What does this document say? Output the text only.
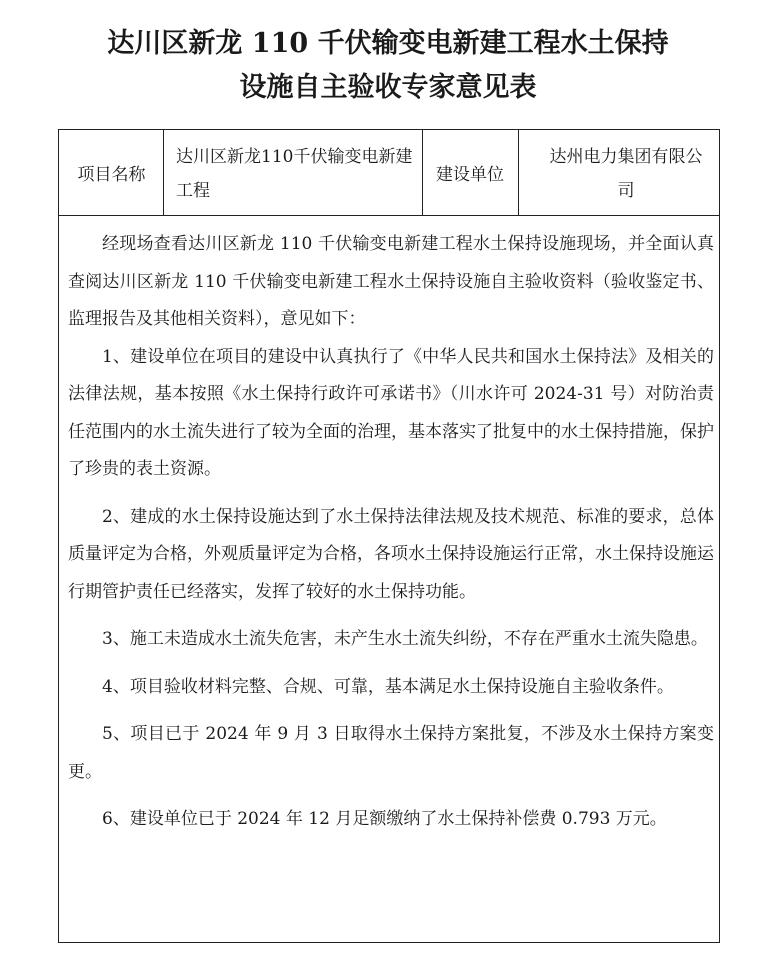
达川区新龙 110 千伏输变电新建工程水土保持
设施自主验收专家意见表
项目名称
达川区新龙110千伏输变电新建工程
建设单位
达州电力集团有限公
司

经现场查看达川区新龙 110 千伏输变电新建工程水土保持设施现场，并全面认真查阅达川区新龙 110 千伏输变电新建工程水土保持设施自主验收资料（验收鉴定书、监理报告及其他相关资料），意见如下：

1、建设单位在项目的建设中认真执行了《中华人民共和国水土保持法》及相关的法律法规，基本按照《水土保持行政许可承诺书》（川水许可 2024-31 号）对防治责任范围内的水土流失进行了较为全面的治理，基本落实了批复中的水土保持措施，保护了珍贵的表土资源。

2、建成的水土保持设施达到了水土保持法律法规及技术规范、标准的要求，总体质量评定为合格，外观质量评定为合格，各项水土保持设施运行正常，水土保持设施运行期管护责任已经落实，发挥了较好的水土保持功能。

3、施工未造成水土流失危害，未产生水土流失纠纷，不存在严重水土流失隐患。

4、项目验收材料完整、合规、可靠，基本满足水土保持设施自主验收条件。

5、项目已于 2024 年 9 月 3 日取得水土保持方案批复，不涉及水土保持方案变更。

6、建设单位已于 2024 年 12 月足额缴纳了水土保持补偿费 0.793 万元。
